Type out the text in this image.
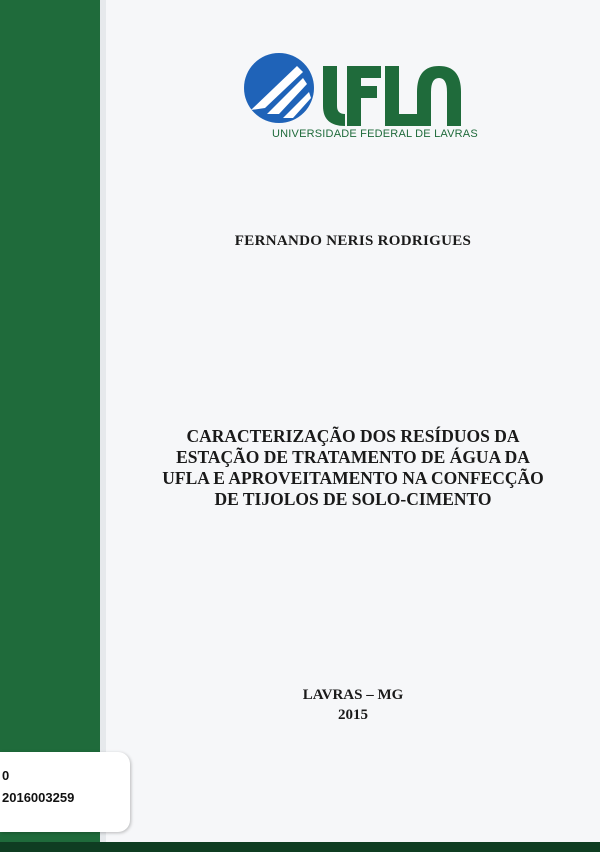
UFLA
UNIVERSIDADE FEDERAL DE LAVRAS
FERNANDO NERIS RODRIGUES
CARACTERIZAÇÃO DOS RESÍDUOS DA
ESTAÇÃO DE TRATAMENTO DE ÁGUA DA
UFLA E APROVEITAMENTO NA CONFECÇÃO
DE TIJOLOS DE SOLO-CIMENTO
LAVRAS – MG
2015
0
2016003259
